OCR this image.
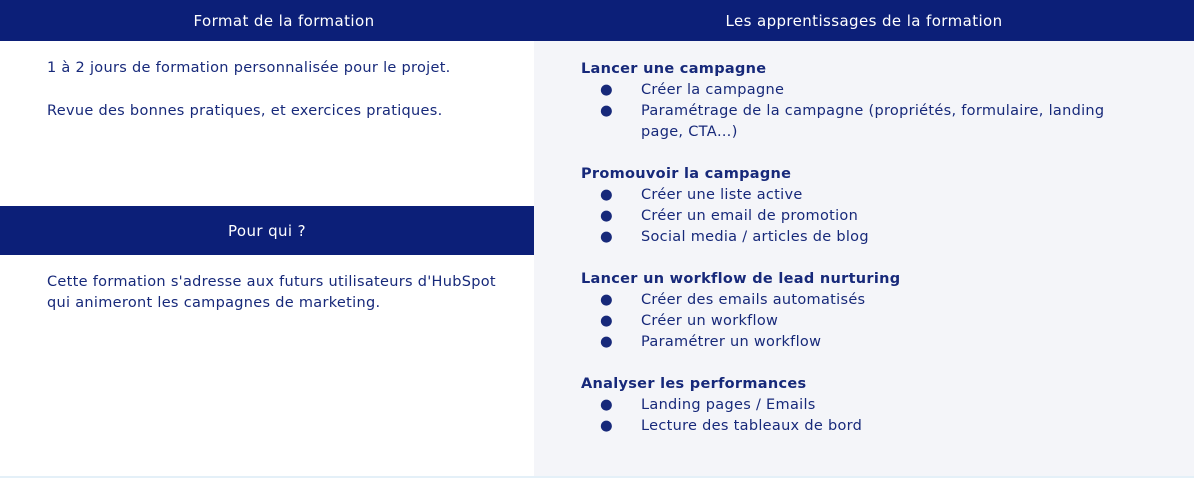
Format de la formation	Les apprentissages de la formation

1 à 2 jours de formation personnalisée pour le projet.

Revue des bonnes pratiques, et exercices pratiques.

Pour qui ?

Cette formation s'adresse aux futurs utilisateurs d'HubSpot qui animeront les campagnes de marketing.

Lancer une campagne
●	Créer la campagne
●	Paramétrage de la campagne (propriétés, formulaire, landing page, CTA…)
Promouvoir la campagne
●	Créer une liste active
●	Créer un email de promotion
●	Social media / articles de blog
Lancer un workflow de lead nurturing
●	Créer des emails automatisés
●	Créer un workflow
●	Paramétrer un workflow
Analyser les performances
●	Landing pages / Emails
●	Lecture des tableaux de bord
